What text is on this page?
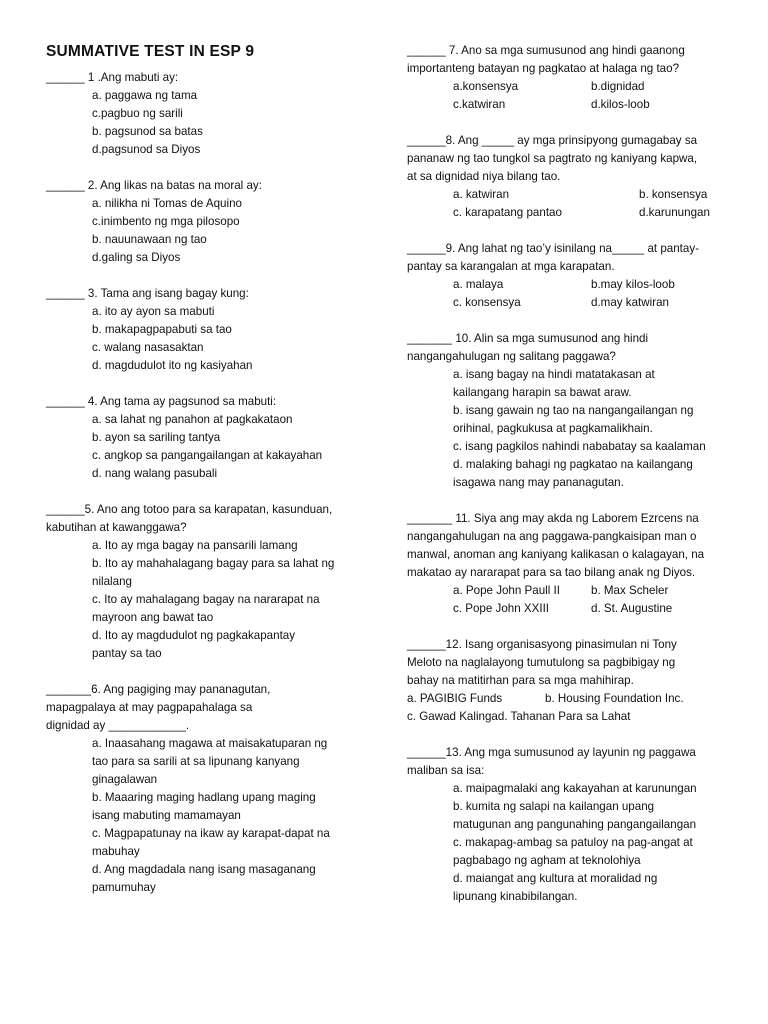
SUMMATIVE TEST IN ESP 9
______ 1 .Ang mabuti ay:
a. paggawa ng tama
c.pagbuo ng sarili
b. pagsunod sa batas
d.pagsunod sa Diyos
______ 2. Ang likas na batas na moral ay:
a. nilikha ni Tomas de Aquino
c.inimbento ng mga pilosopo
b. nauunawaan ng tao
d.galing sa Diyos
______ 3. Tama ang isang bagay kung:
a. ito ay ayon sa mabuti
b. makapagpapabuti sa tao
c. walang nasasaktan
d. magdudulot ito ng kasiyahan
______ 4. Ang tama ay pagsunod sa mabuti:
a. sa lahat ng panahon at pagkakataon
b. ayon sa sariling tantya
c. angkop sa pangangailangan at kakayahan
d. nang walang pasubali
______5. Ano ang totoo para sa karapatan, kasunduan,
kabutihan at kawanggawa?
a. Ito ay mga bagay na pansarili lamang
b. Ito ay mahahalagang bagay para sa lahat ng
nilalang
c. Ito ay mahalagang bagay na nararapat na
mayroon ang bawat tao
d. Ito ay magdudulot ng pagkakapantay
pantay sa tao
_______6. Ang pagiging may pananagutan,
mapagpalaya at may pagpapahalaga sa
dignidad ay ____________.
a. Inaasahang magawa at maisakatuparan ng
tao para sa sarili at sa lipunang kanyang
ginagalawan
b. Maaaring maging hadlang upang maging
isang mabuting mamamayan
c. Magpapatunay na ikaw ay karapat-dapat na
mabuhay
d. Ang magdadala nang isang masaganang
pamumuhay
______ 7. Ano sa mga sumusunod ang hindi gaanong
importanteng batayan ng pagkatao at halaga ng tao?
a.konsensya	b.dignidad
c.katwiran	d.kilos-loob
______8. Ang _____ ay mga prinsipyong gumagabay sa
pananaw ng tao tungkol sa pagtrato ng kaniyang kapwa,
at sa dignidad niya bilang tao.
a. katwiran	b. konsensya
c. karapatang pantao	d.karunungan
______9. Ang lahat ng tao’y isinilang na_____ at pantay-
pantay sa karangalan at mga karapatan.
a. malaya	b.may kilos-loob
c. konsensya	d.may katwiran
_______ 10. Alin sa mga sumusunod ang hindi
nangangahulugan ng salitang paggawa?
a. isang bagay na hindi matatakasan at
kailangang harapin sa bawat araw.
b. isang gawain ng tao na nangangailangan ng
orihinal, pagkukusa at pagkamalikhain.
c. isang pagkilos nahindi nababatay sa kaalaman
d. malaking bahagi ng pagkatao na kailangang
isagawa nang may pananagutan.
_______ 11. Siya ang may akda ng Laborem Ezrcens na
nangangahulugan na ang paggawa-pangkaisipan man o
manwal, anoman ang kaniyang kalikasan o kalagayan, na
makatao ay nararapat para sa tao bilang anak ng Diyos.
a. Pope John Paull II	b. Max Scheler
c. Pope John XXIII	d. St. Augustine
______12. Isang organisasyong pinasimulan ni Tony
Meloto na naglalayong tumutulong sa pagbibigay ng
bahay na matitirhan para sa mga mahihirap.
a. PAGIBIG Funds	b. Housing Foundation Inc.
c. Gawad Kalingad. Tahanan Para sa Lahat
______13. Ang mga sumusunod ay layunin ng paggawa
maliban sa isa:
a. maipagmalaki ang kakayahan at karunungan
b. kumita ng salapi na kailangan upang
matugunan ang pangunahing pangangailangan
c. makapag-ambag sa patuloy na pag-angat at
pagbabago ng agham at teknolohiya
d. maiangat ang kultura at moralidad ng
lipunang kinabibilangan.
